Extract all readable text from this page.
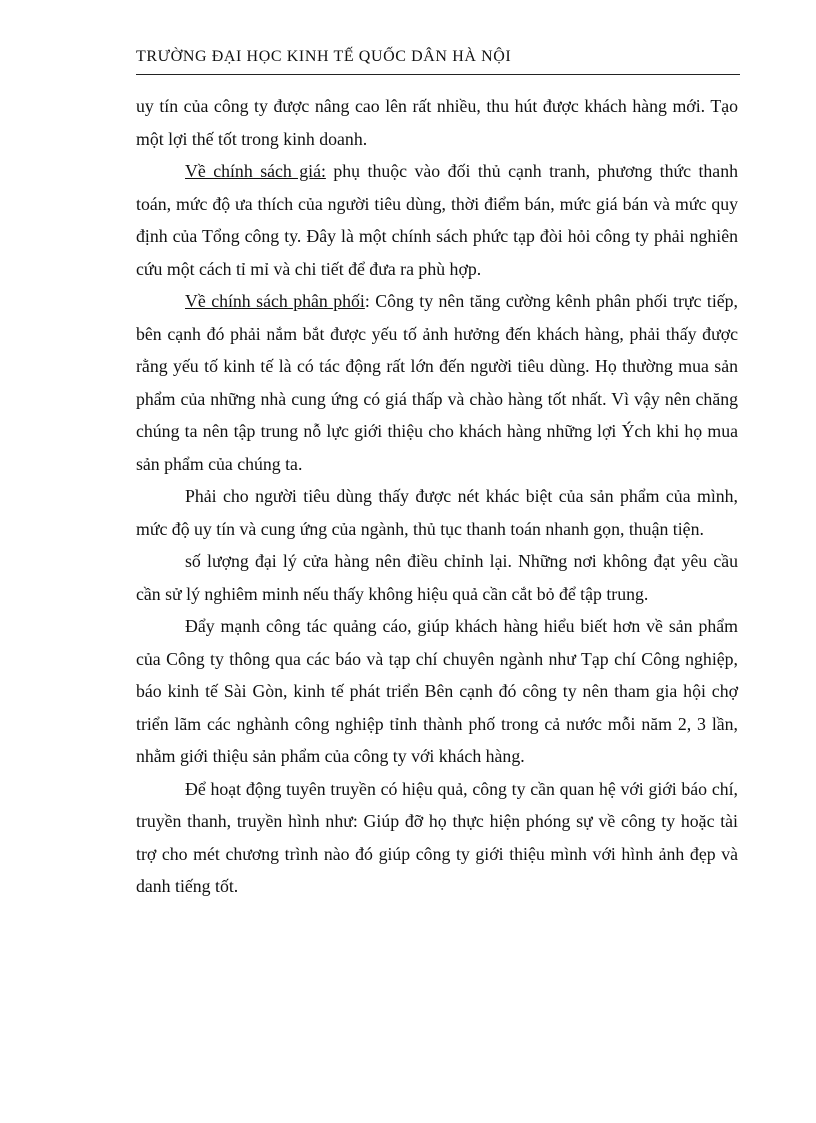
TRƯỜNG ĐẠI HỌC KINH TẾ QUỐC DÂN HÀ NỘI

uy tín của công ty được nâng cao lên rất nhiều, thu hút được khách hàng mới. Tạo một lợi thế tốt trong kinh doanh.

Về chính sách giá: phụ thuộc vào đối thủ cạnh tranh, phương thức thanh toán, mức độ ưa thích của người tiêu dùng, thời điểm bán, mức giá bán và mức quy định của Tổng công ty. Đây là một chính sách phức tạp đòi hỏi công ty phải nghiên cứu một cách tỉ mỉ và chi tiết để đưa ra phù hợp.

Về chính sách phân phối: Công ty nên tăng cường kênh phân phối trực tiếp, bên cạnh đó phải nắm bắt được yếu tố ảnh hưởng đến khách hàng, phải thấy được rằng yếu tố kinh tế là có tác động rất lớn đến người tiêu dùng. Họ thường mua sản phẩm của những nhà cung ứng có giá thấp và chào hàng tốt nhất. Vì vậy nên chăng chúng ta nên tập trung nỗ lực giới thiệu cho khách hàng những lợi Ých khi họ mua sản phẩm của chúng ta.

Phải cho người tiêu dùng thấy được nét khác biệt của sản phẩm của mình, mức độ uy tín và cung ứng của ngành, thủ tục thanh toán nhanh gọn, thuận tiện.

số lượng đại lý cửa hàng nên điều chỉnh lại. Những nơi không đạt yêu cầu cần sử lý nghiêm minh nếu thấy không hiệu quả cần cắt bỏ để tập trung.

Đẩy mạnh công tác quảng cáo, giúp khách hàng hiểu biết hơn về sản phẩm của Công ty thông qua các báo và tạp chí chuyên ngành như Tạp chí Công nghiệp, báo kinh tế Sài Gòn, kinh tế phát triển Bên cạnh đó công ty nên tham gia hội chợ triển lãm các nghành công nghiệp tỉnh thành phố trong cả nước mỗi năm 2, 3 lần, nhằm giới thiệu sản phẩm của công ty với khách hàng.

Để hoạt động tuyên truyền có hiệu quả, công ty cần quan hệ với giới báo chí, truyền thanh, truyền hình như: Giúp đỡ họ thực hiện phóng sự về công ty hoặc tài trợ cho mét chương trình nào đó giúp công ty giới thiệu mình với hình ảnh đẹp và danh tiếng tốt.
